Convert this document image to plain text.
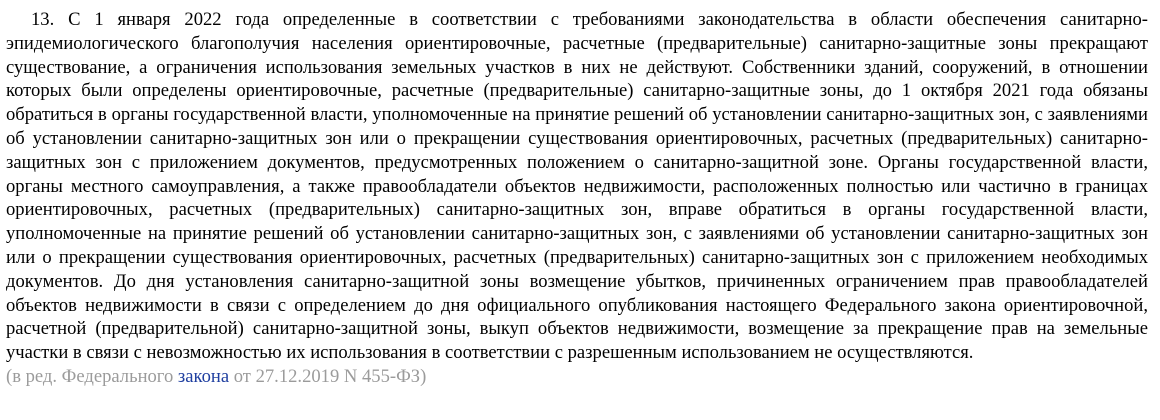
13. С 1 января 2022 года определенные в соответствии с требованиями законодательства в области обеспечения санитарно-эпидемиологического благополучия населения ориентировочные, расчетные (предварительные) санитарно-защитные зоны прекращают существование, а ограничения использования земельных участков в них не действуют. Собственники зданий, сооружений, в отношении которых были определены ориентировочные, расчетные (предварительные) санитарно-защитные зоны, до 1 октября 2021 года обязаны обратиться в органы государственной власти, уполномоченные на принятие решений об установлении санитарно-защитных зон, с заявлениями об установлении санитарно-защитных зон или о прекращении существования ориентировочных, расчетных (предварительных) санитарно-защитных зон с приложением документов, предусмотренных положением о санитарно-защитной зоне. Органы государственной власти, органы местного самоуправления, а также правообладатели объектов недвижимости, расположенных полностью или частично в границах ориентировочных, расчетных (предварительных) санитарно-защитных зон, вправе обратиться в органы государственной власти, уполномоченные на принятие решений об установлении санитарно-защитных зон, с заявлениями об установлении санитарно-защитных зон или о прекращении существования ориентировочных, расчетных (предварительных) санитарно-защитных зон с приложением необходимых документов. До дня установления санитарно-защитной зоны возмещение убытков, причиненных ограничением прав правообладателей объектов недвижимости в связи с определением до дня официального опубликования настоящего Федерального закона ориентировочной, расчетной (предварительной) санитарно-защитной зоны, выкуп объектов недвижимости, возмещение за прекращение прав на земельные участки в связи с невозможностью их использования в соответствии с разрешенным использованием не осуществляются.

(в ред. Федерального закона от 27.12.2019 N 455-ФЗ)
